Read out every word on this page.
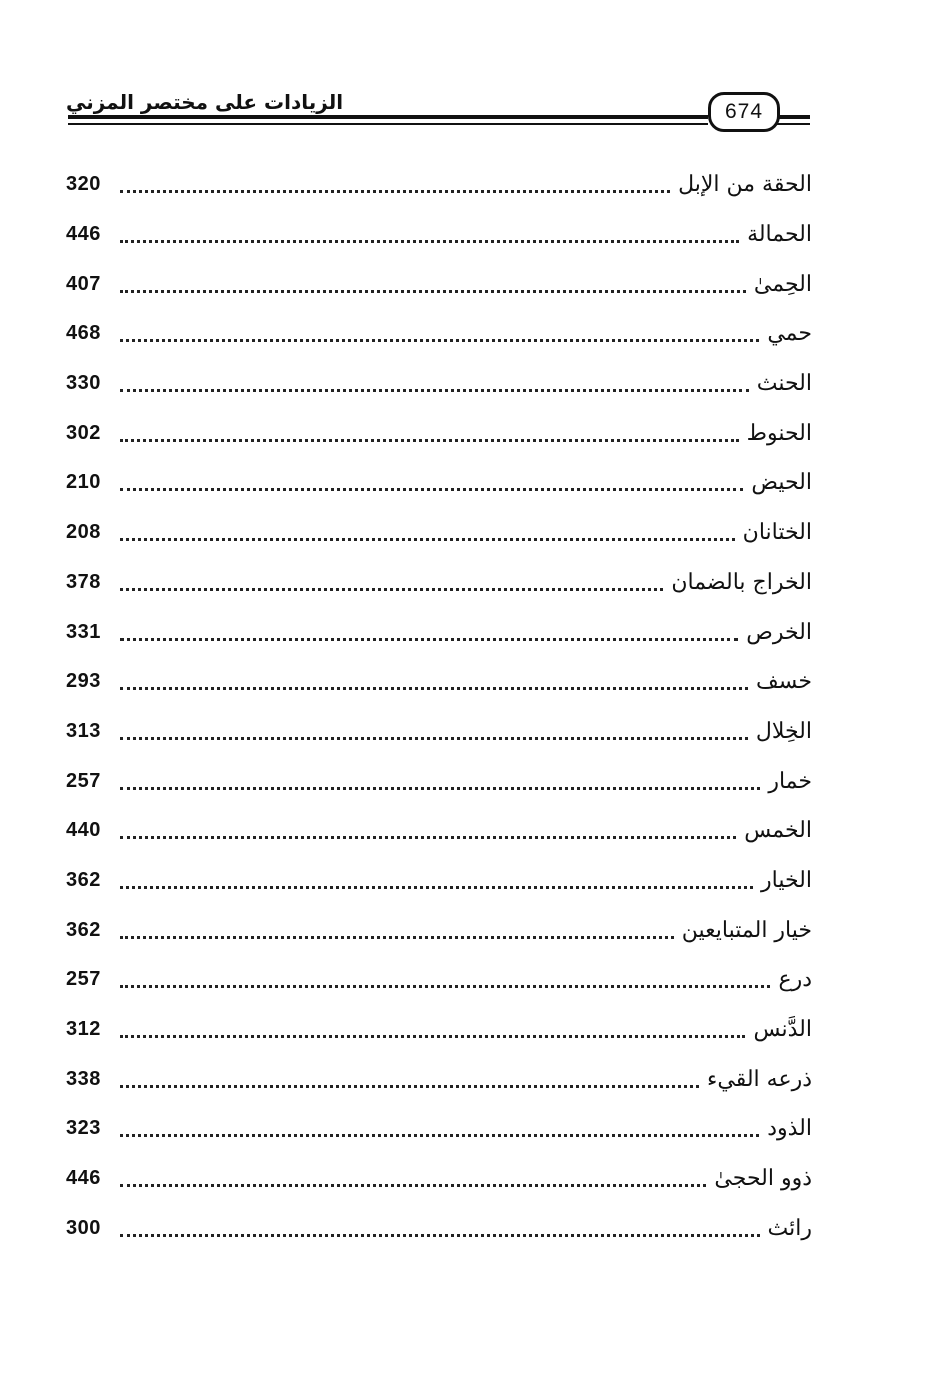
الزيادات على مختصر المزني	674
320	الحقة من الإبل
446	الحمالة
407	الحِمىٰ
468	حمي
330	الحنث
302	الحنوط
210	الحيض
208	الختانان
378	الخراج بالضمان
331	الخرص
293	خسف
313	الخِلال
257	خمار
440	الخمس
362	الخيار
362	خيار المتبايعين
257	درع
312	الدَّنس
338	ذرعه القيء
323	الذود
446	ذوو الحجىٰ
300	رائث
